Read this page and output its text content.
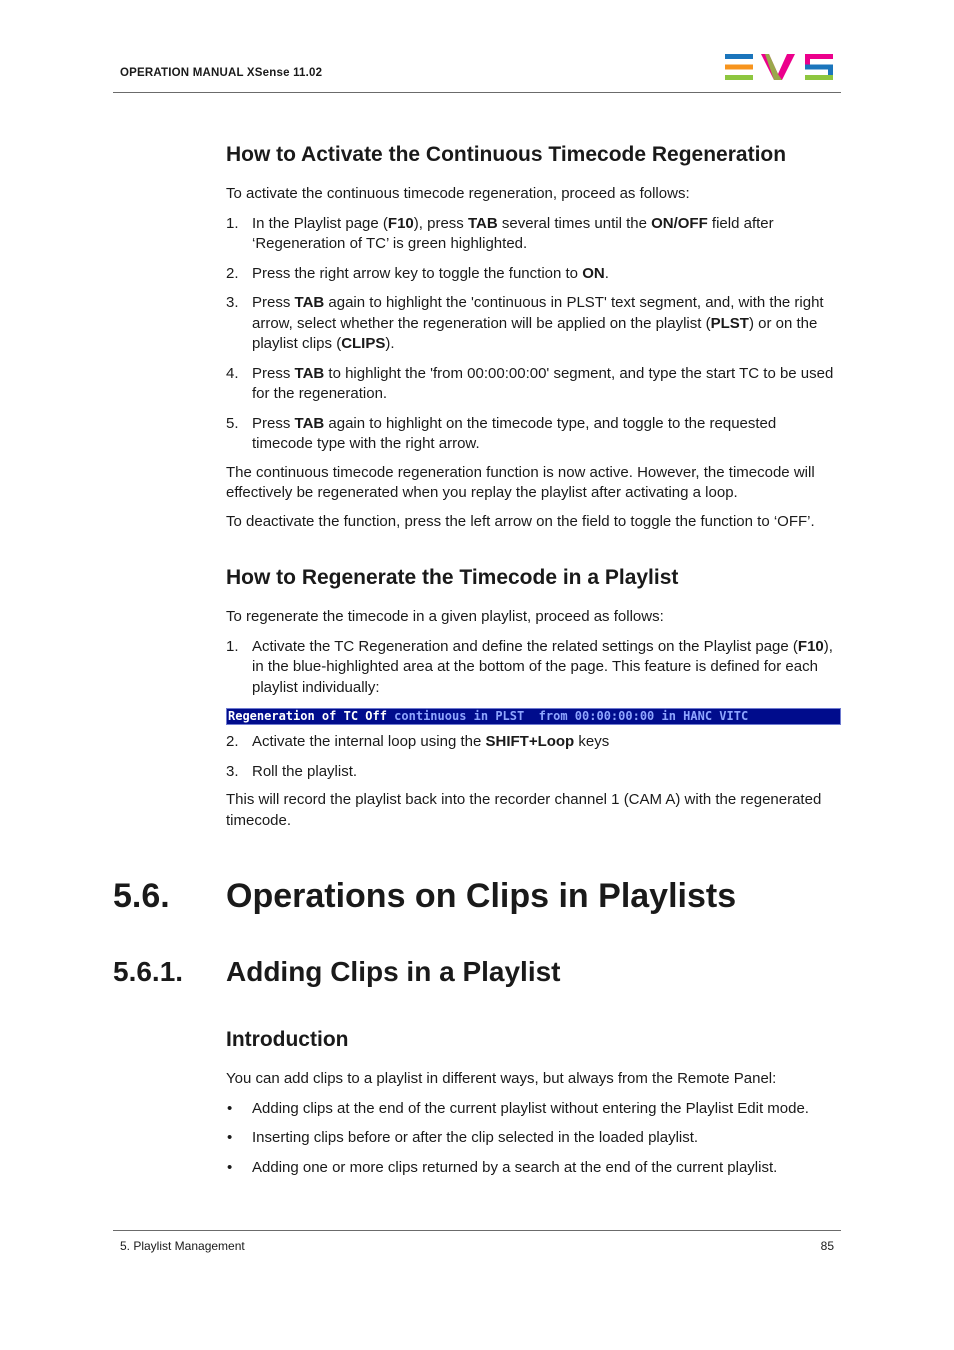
OPERATION MANUAL XSense 11.02
How to Activate the Continuous Timecode Regeneration

To activate the continuous timecode regeneration, proceed as follows:

1. In the Playlist page (F10), press TAB several times until the ON/OFF field after ‘Regeneration of TC’ is green highlighted.
2. Press the right arrow key to toggle the function to ON.
3. Press TAB again to highlight the 'continuous in PLST' text segment, and, with the right arrow, select whether the regeneration will be applied on the playlist (PLST) or on the playlist clips (CLIPS).
4. Press TAB to highlight the 'from 00:00:00:00' segment, and type the start TC to be used for the regeneration.
5. Press TAB again to highlight on the timecode type, and toggle to the requested timecode type with the right arrow.

The continuous timecode regeneration function is now active. However, the timecode will effectively be regenerated when you replay the playlist after activating a loop.

To deactivate the function, press the left arrow on the field to toggle the function to ‘OFF’.

How to Regenerate the Timecode in a Playlist

To regenerate the timecode in a given playlist, proceed as follows:

1. Activate the TC Regeneration and define the related settings on the Playlist page (F10), in the blue-highlighted area at the bottom of the page. This feature is defined for each playlist individually:
Regeneration of TC Off continuous in PLST  from 00:00:00:00 in HANC VITC
2. Activate the internal loop using the SHIFT+Loop keys
3. Roll the playlist.

This will record the playlist back into the recorder channel 1 (CAM A) with the regenerated timecode.

5.6. Operations on Clips in Playlists
5.6.1. Adding Clips in a Playlist
Introduction

You can add clips to a playlist in different ways, but always from the Remote Panel:

• Adding clips at the end of the current playlist without entering the Playlist Edit mode.
• Inserting clips before or after the clip selected in the loaded playlist.
• Adding one or more clips returned by a search at the end of the current playlist.
5. Playlist Management	85
